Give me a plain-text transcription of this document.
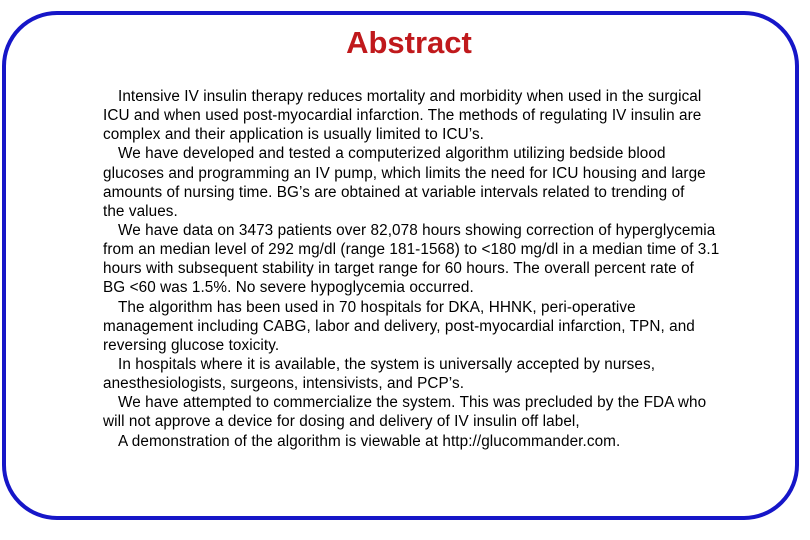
Abstract
Intensive IV insulin therapy reduces mortality and morbidity when used in the surgical
ICU and when used post-myocardial infarction. The methods of regulating IV insulin are
complex and their application is usually limited to ICU’s.
We have developed and tested a computerized algorithm utilizing bedside blood
glucoses and programming an IV pump, which limits the need for ICU housing and large
amounts of nursing time. BG’s are obtained at variable intervals related to trending of
the values.
We have data on 3473 patients over 82,078 hours showing correction of hyperglycemia
from an median level of 292 mg/dl (range 181-1568) to <180 mg/dl in a median time of 3.1
hours with subsequent stability in target range for 60 hours. The overall percent rate of
BG <60 was 1.5%. No severe hypoglycemia occurred.
The algorithm has been used in 70 hospitals for DKA, HHNK, peri-operative
management including CABG, labor and delivery, post-myocardial infarction, TPN, and
reversing glucose toxicity.
In hospitals where it is available, the system is universally accepted by nurses,
anesthesiologists, surgeons, intensivists, and PCP’s.
We have attempted to commercialize the system. This was precluded by the FDA who
will not approve a device for dosing and delivery of IV insulin off label,
A demonstration of the algorithm is viewable at http://glucommander.com.
